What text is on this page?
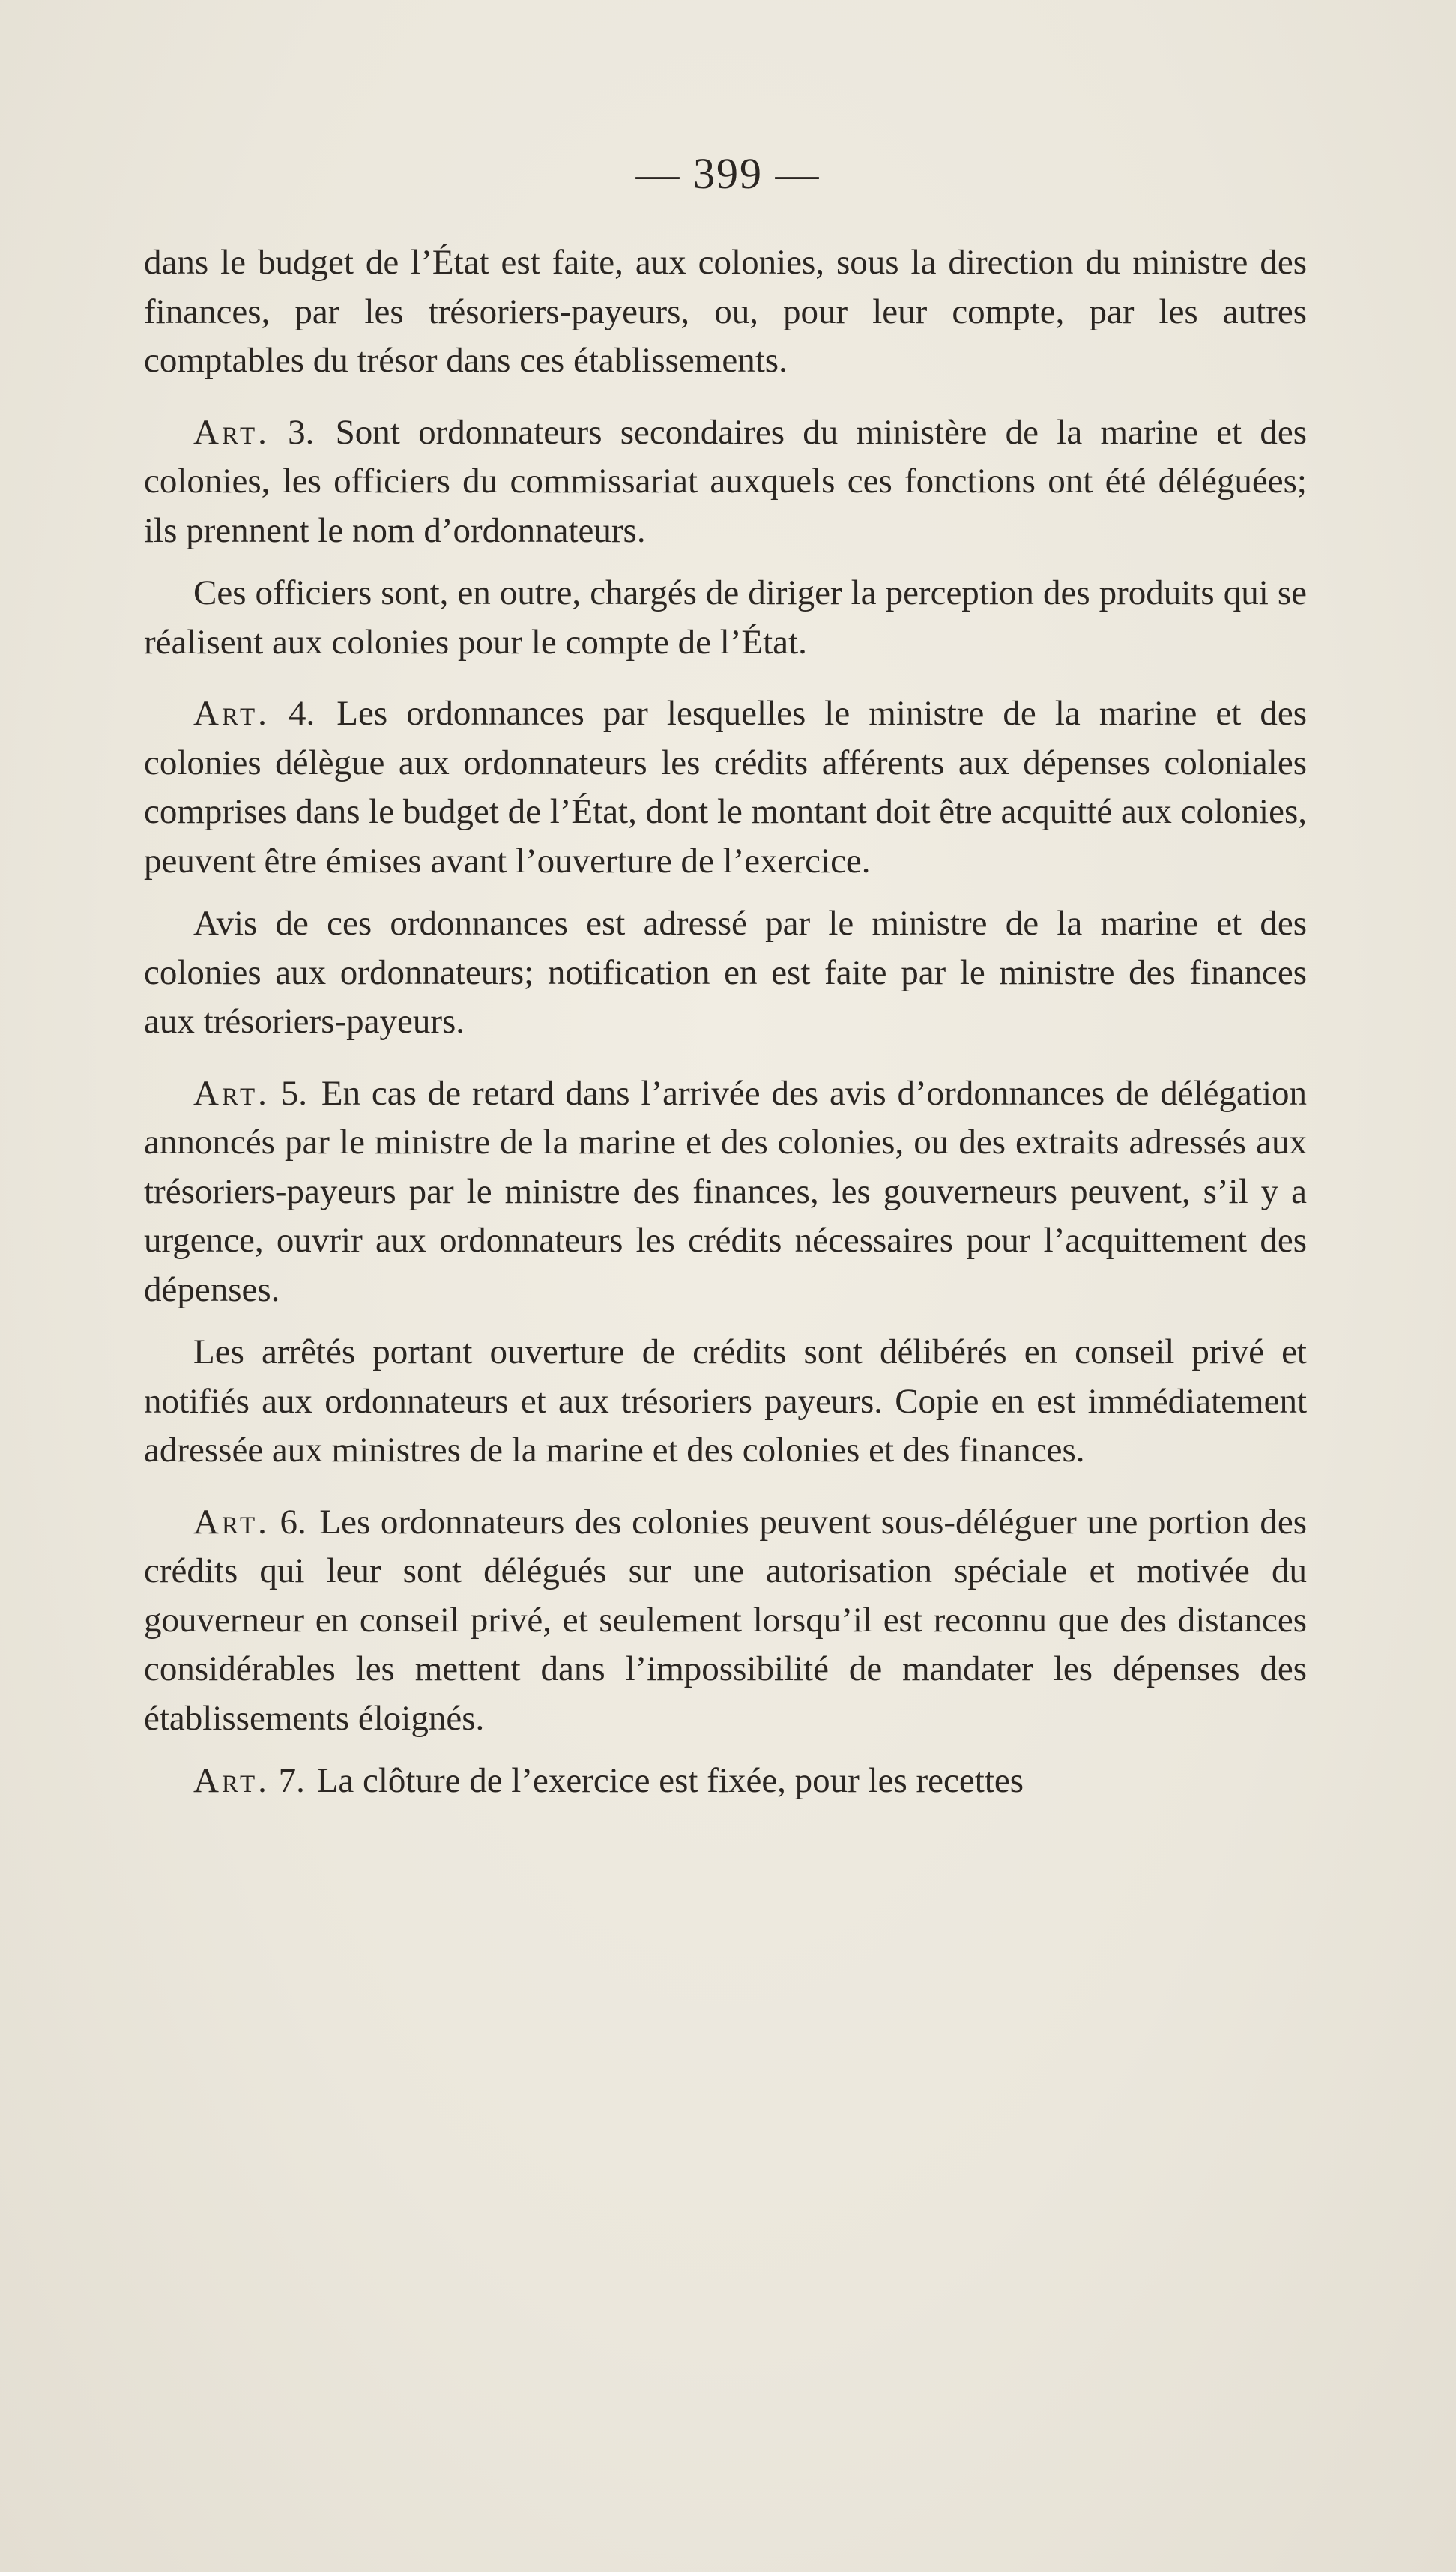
— 399 —

dans le budget de l’État est faite, aux colonies, sous la direction du ministre des finances, par les trésoriers-payeurs, ou, pour leur compte, par les autres comptables du trésor dans ces établissements.

Art. 3. Sont ordonnateurs secondaires du ministère de la marine et des colonies, les officiers du commissariat auxquels ces fonctions ont été déléguées; ils prennent le nom d’ordonnateurs.

Ces officiers sont, en outre, chargés de diriger la perception des produits qui se réalisent aux colonies pour le compte de l’État.

Art. 4. Les ordonnances par lesquelles le ministre de la marine et des colonies délègue aux ordonnateurs les crédits afférents aux dépenses coloniales comprises dans le budget de l’État, dont le montant doit être acquitté aux colonies, peuvent être émises avant l’ouverture de l’exercice.

Avis de ces ordonnances est adressé par le ministre de la marine et des colonies aux ordonnateurs; notification en est faite par le ministre des finances aux trésoriers-payeurs.

Art. 5. En cas de retard dans l’arrivée des avis d’ordonnances de délégation annoncés par le ministre de la marine et des colonies, ou des extraits adressés aux trésoriers-payeurs par le ministre des finances, les gouverneurs peuvent, s’il y a urgence, ouvrir aux ordonnateurs les crédits nécessaires pour l’acquittement des dépenses.

Les arrêtés portant ouverture de crédits sont délibérés en conseil privé et notifiés aux ordonnateurs et aux trésoriers payeurs. Copie en est immédiatement adressée aux ministres de la marine et des colonies et des finances.

Art. 6. Les ordonnateurs des colonies peuvent sous-déléguer une portion des crédits qui leur sont délégués sur une autorisation spéciale et motivée du gouverneur en conseil privé, et seulement lorsqu’il est reconnu que des distances considérables les mettent dans l’impossibilité de mandater les dépenses des établissements éloignés.

Art. 7. La clôture de l’exercice est fixée, pour les recettes
